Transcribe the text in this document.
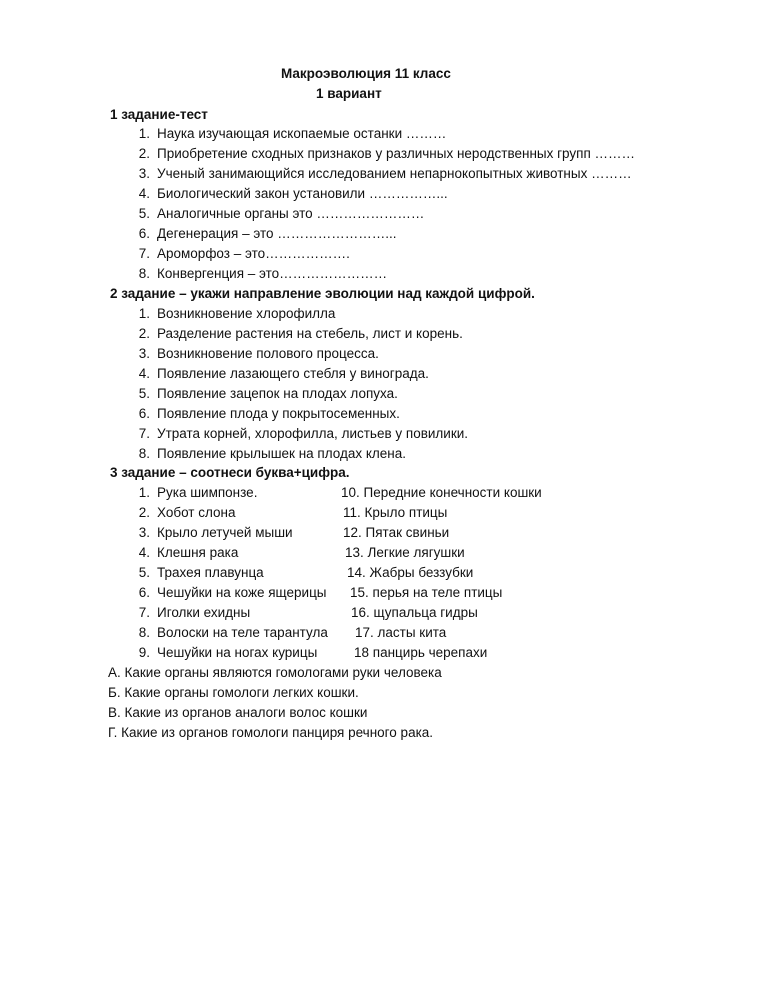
Макроэволюция 11 класс
1 вариант
1 задание-тест
1. Наука изучающая ископаемые останки ………
2. Приобретение сходных признаков у различных неродственных групп ………
3. Ученый занимающийся исследованием непарнокопытных животных ………
4. Биологический закон установили ……………...
5. Аналогичные органы это ……………………
6. Дегенерация – это ……………………...
7. Ароморфоз – это……………….
8. Конвергенция – это……………………
2 задание – укажи направление эволюции над каждой цифрой.
1. Возникновение хлорофилла
2. Разделение растения на стебель, лист и корень.
3. Возникновение полового процесса.
4. Появление лазающего стебля у винограда.
5. Появление зацепок на плодах лопуха.
6. Появление плода у покрытосеменных.
7. Утрата корней, хлорофилла, листьев у повилики.
8. Появление крылышек на плодах клена.
3 задание – соотнеси буква+цифра.
1. Рука шимпонзе.	10. Передние конечности кошки
2. Хобот слона	11. Крыло птицы
3. Крыло летучей мыши	12. Пятак свиньи
4. Клешня рака	13. Легкие лягушки
5. Трахея плавунца	14. Жабры беззубки
6. Чешуйки на коже ящерицы 15. перья на теле птицы
7. Иголки ехидны	16. щупальца гидры
8. Волоски на теле тарантула 17. ласты кита
9. Чешуйки на ногах курицы	18 панцирь черепахи
А. Какие органы являются гомологами руки человека
Б. Какие органы гомологи легких кошки.
В. Какие из органов аналоги волос кошки
Г. Какие из органов гомологи панциря речного рака.
